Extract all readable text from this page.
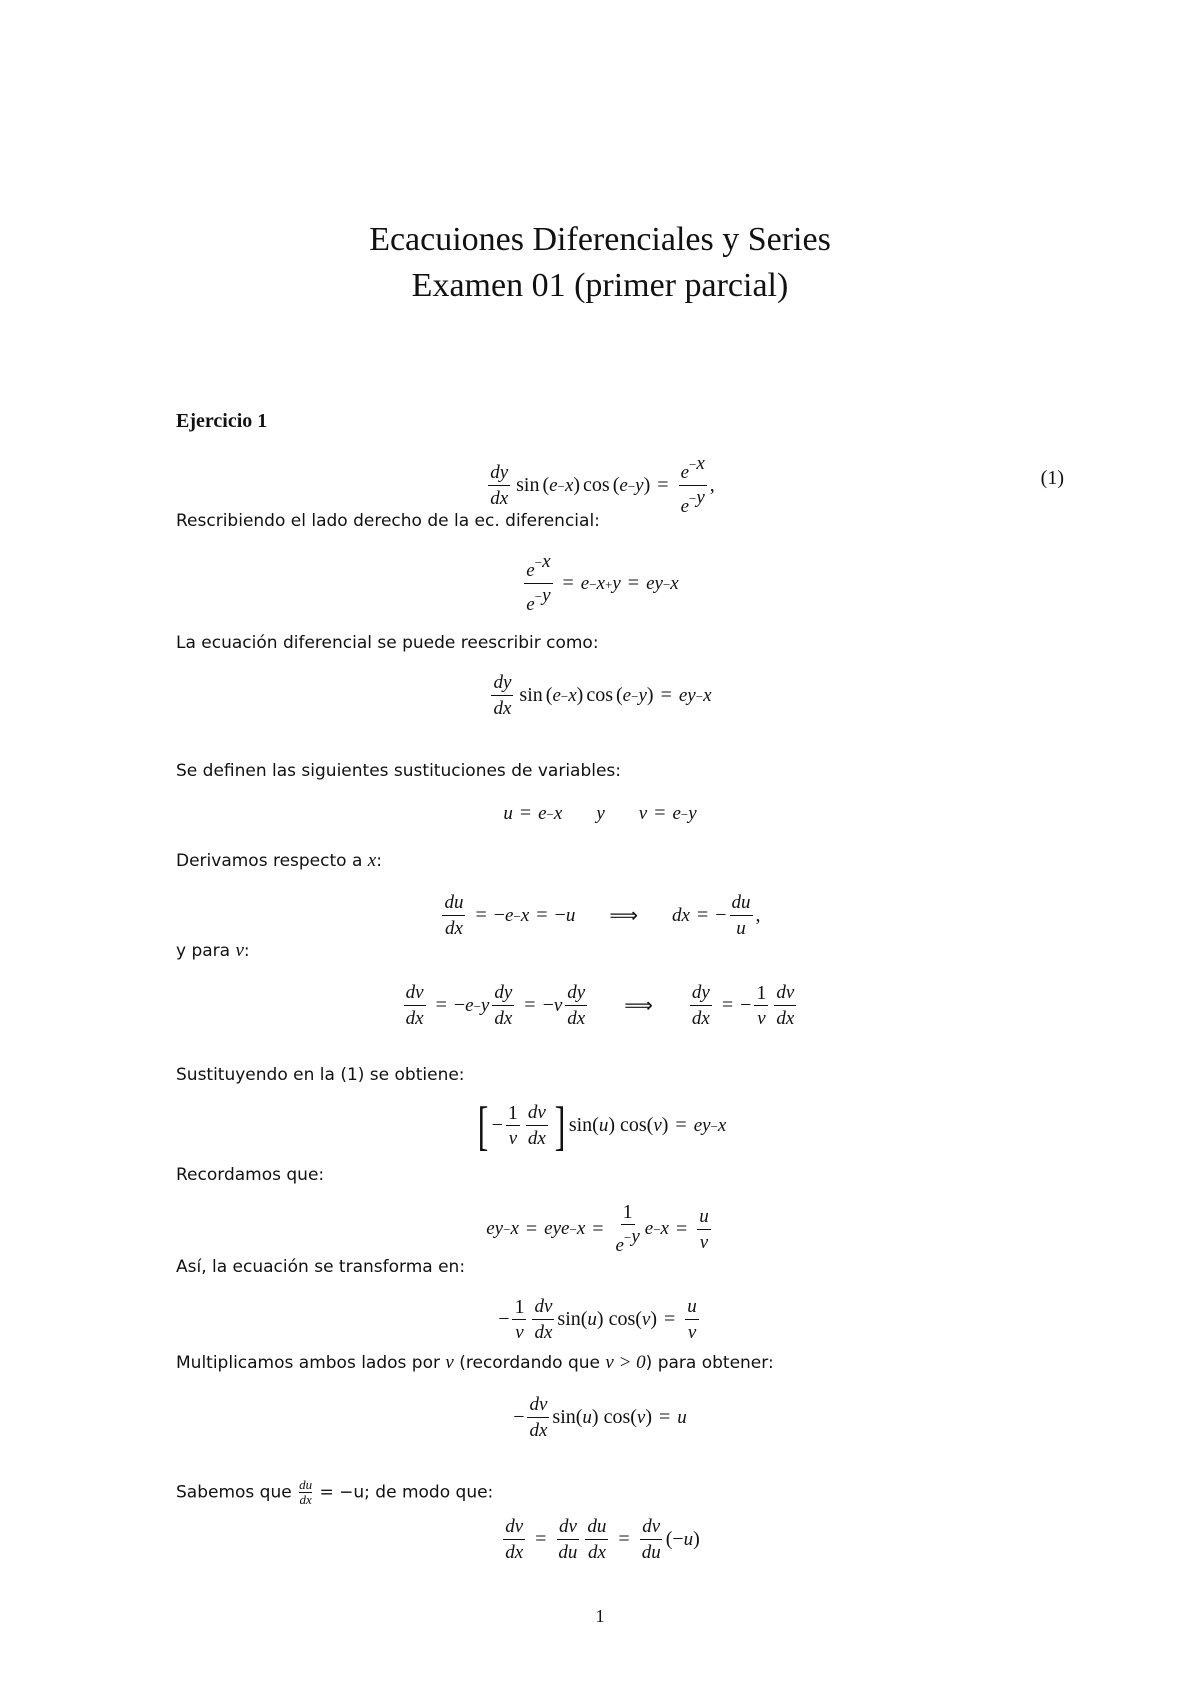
Ecacuiones Diferenciales y Series
Examen 01 (primer parcial)
Ejercicio 1
$\frac{dy}{dx}$ sin ( e −x ) cos ( e −y ) = $\frac{e^{-x}}{e^{-y}}$ ,	(1)
Rescribiendo el lado derecho de la ec. diferencial:
$\frac{e^{-x}}{e^{-y}} = e -x+y = e$ y−x
La ecuación diferencial se puede reescribir como:
$\frac{dy}{dx}$ sin ( e −x ) cos ( e −y ) = e y−x
Se definen las siguientes sustituciones de variables:
u = e −x y v = e −y
Derivamos respecto a x:
$\frac{du}{dx}$ = − e −x = − u ⟹ dx = − $\frac{du}{u}$ ,
y para v:
$\frac{dv}{dx}$ = − $e -y \frac{dy}{dx}$ = − v $\frac{dy}{dx}$ ⟹ $\frac{dy}{dx}$ = − $\frac{1}{v} \frac{dv}{dx}$
Sustituyendo en la (1) se obtiene:
[ − $\frac{1}{v} \frac{dv}{dx}$ ] sin( u ) cos( v ) = e y−x
Recordamos que:
e y−x = e y $e -x = \frac{1}{e^{-y}}$ $e -x = \frac{u}{v}$
Así, la ecuación se transforma en:
− $\frac{1}{v} \frac{dv}{dx} \sin$( u ) cos( v ) = $\frac{u}{v}$
Multiplicamos ambos lados por v (recordando que v > 0) para obtener:
− $\frac{dv}{dx} \sin$( u ) cos( v ) = u
Sabemos que $\frac{du}{dx} = -u$; de modo que:
$\frac{dv}{dx} = \frac{dv}{du} \frac{du}{dx} = \frac{dv}{du}$ (− u )
1
